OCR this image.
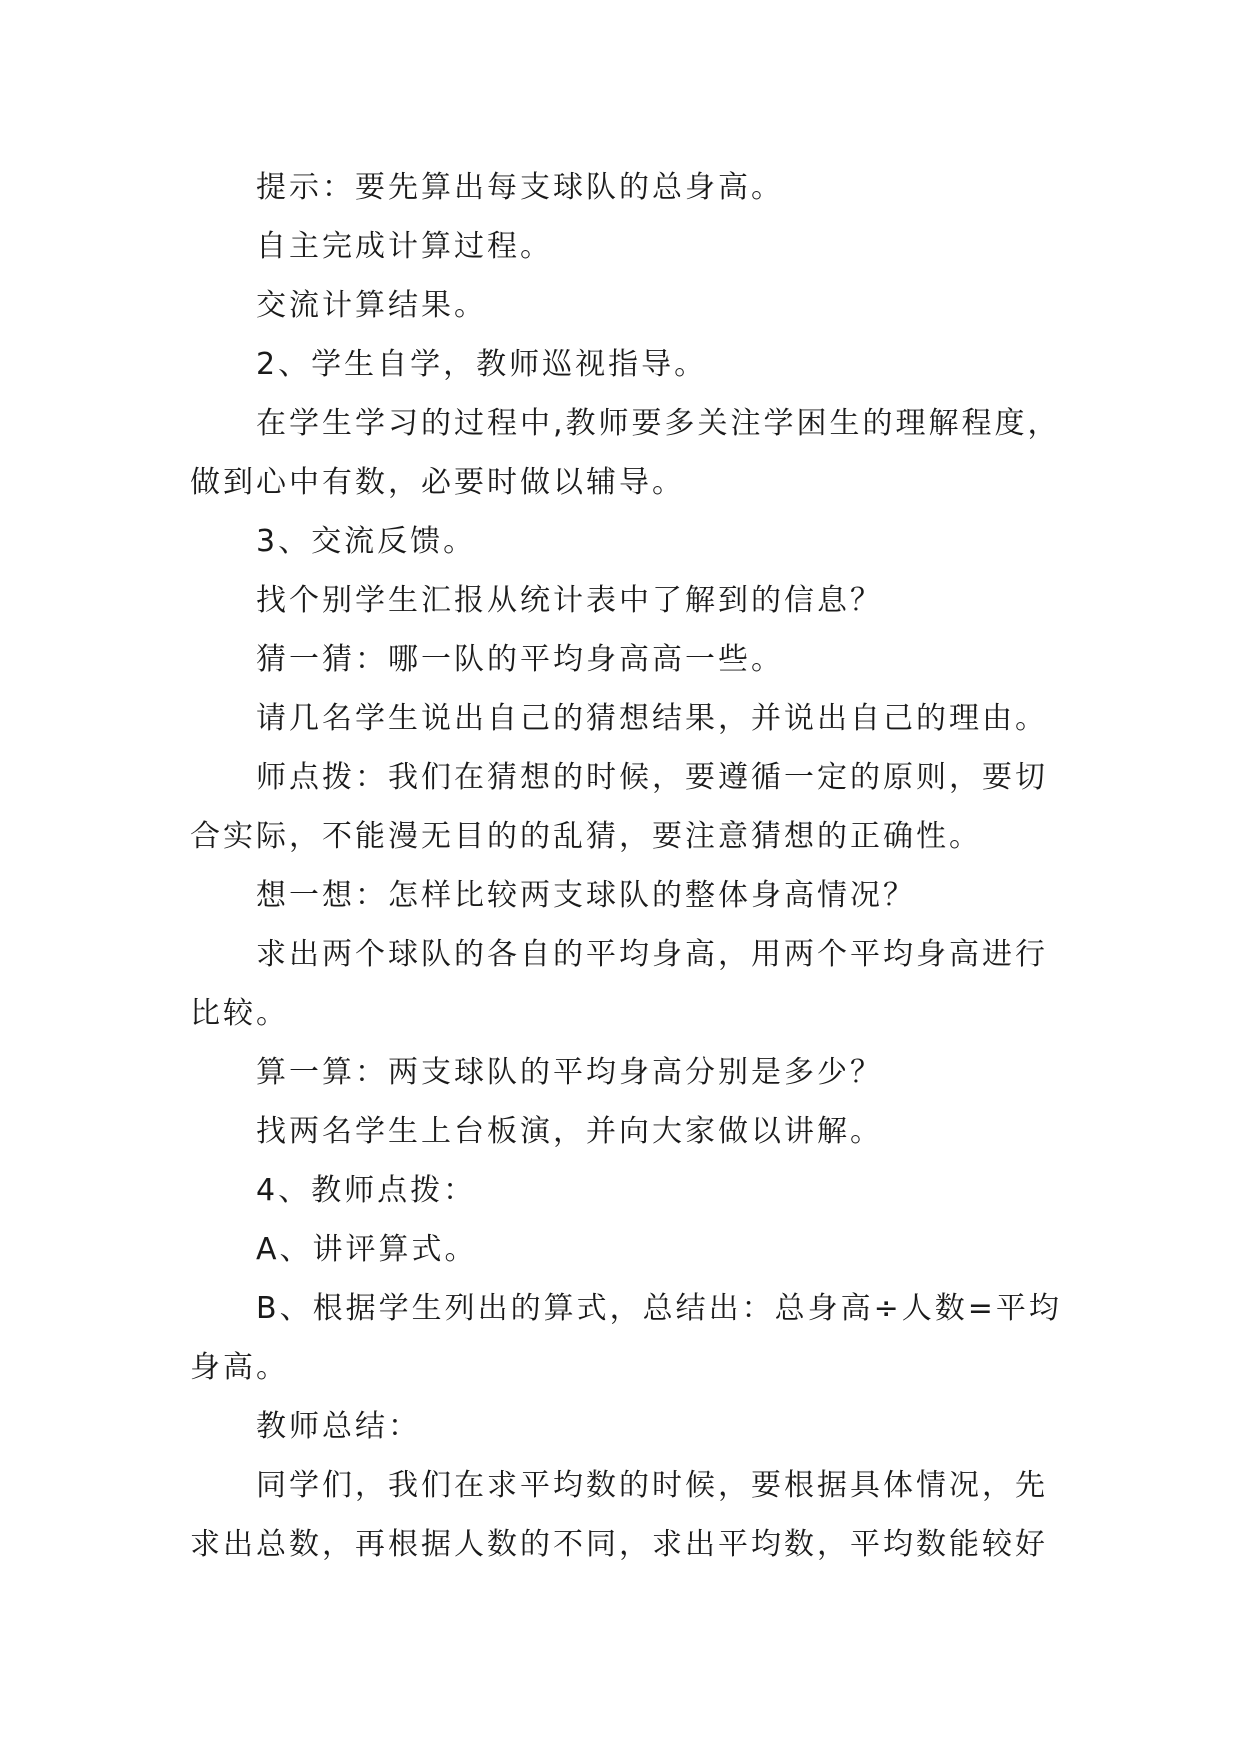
提示：要先算出每支球队的总身高。

自主完成计算过程。

交流计算结果。

2、学生自学，教师巡视指导。

在学生学习的过程中,教师要多关注学困生的理解程度，做到心中有数，必要时做以辅导。

3、交流反馈。

找个别学生汇报从统计表中了解到的信息？

猜一猜：哪一队的平均身高高一些。

请几名学生说出自己的猜想结果，并说出自己的理由。

师点拨：我们在猜想的时候，要遵循一定的原则，要切合实际，不能漫无目的的乱猜，要注意猜想的正确性。

想一想：怎样比较两支球队的整体身高情况？

求出两个球队的各自的平均身高，用两个平均身高进行比较。

算一算：两支球队的平均身高分别是多少？

找两名学生上台板演，并向大家做以讲解。

4、教师点拨：

A、讲评算式。

B、根据学生列出的算式，总结出：总身高÷人数=平均身高。

教师总结：

同学们，我们在求平均数的时候，要根据具体情况，先求出总数，再根据人数的不同，求出平均数，平均数能较好
